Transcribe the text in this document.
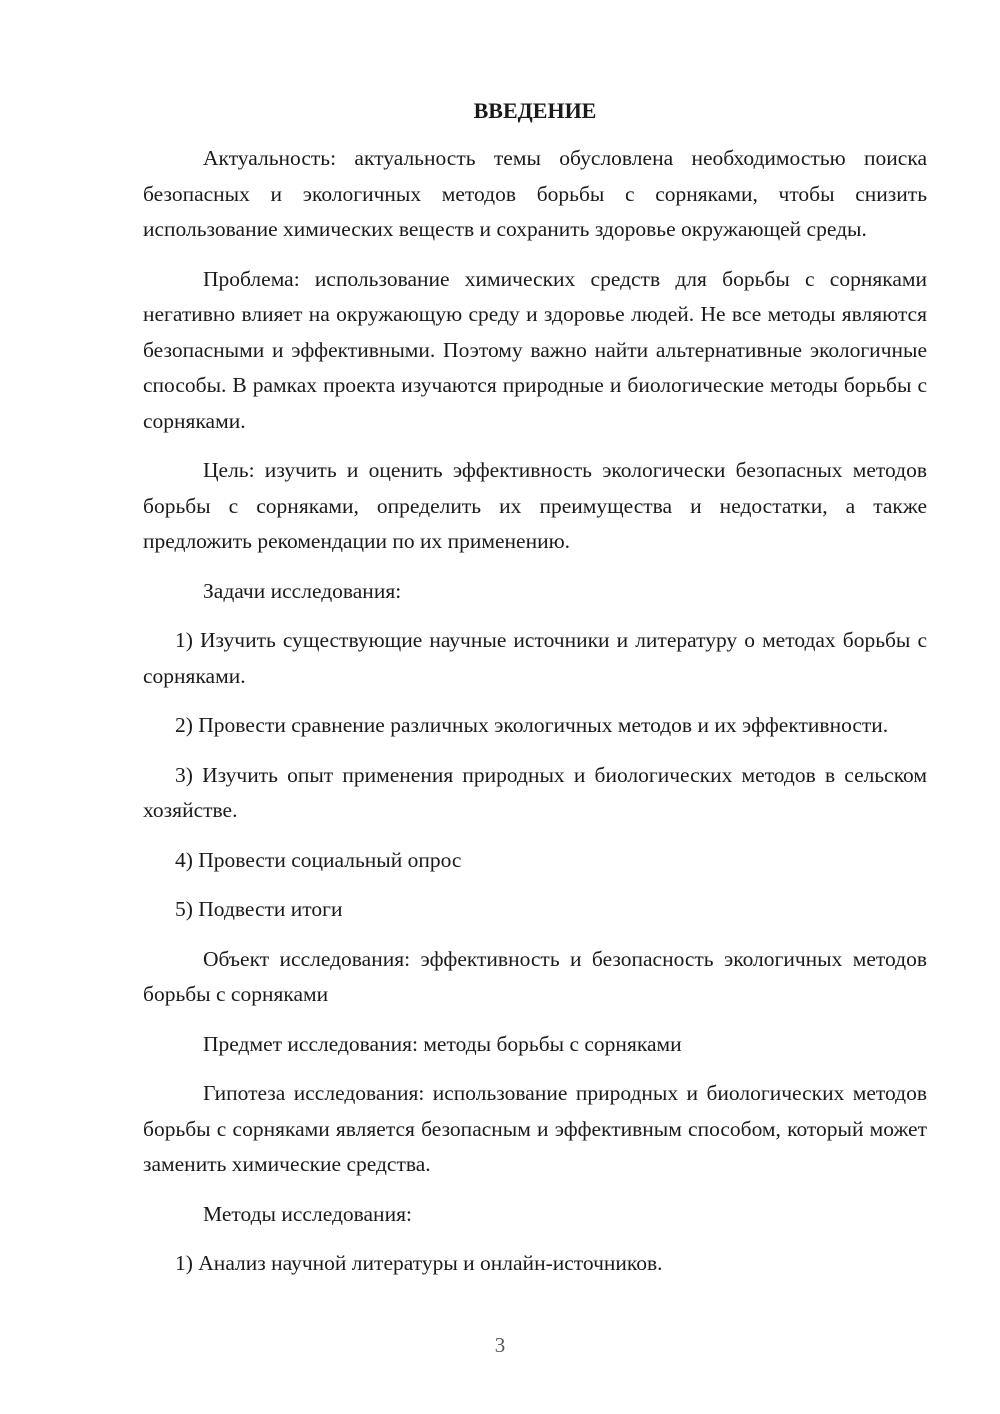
ВВЕДЕНИЕ

Актуальность: актуальность темы обусловлена необходимостью поиска безопасных и экологичных методов борьбы с сорняками, чтобы снизить использование химических веществ и сохранить здоровье окружающей среды.

Проблема: использование химических средств для борьбы с сорняками негативно влияет на окружающую среду и здоровье людей. Не все методы являются безопасными и эффективными. Поэтому важно найти альтернативные экологичные способы. В рамках проекта изучаются природные и биологические методы борьбы с сорняками.

Цель: изучить и оценить эффективность экологически безопасных методов борьбы с сорняками, определить их преимущества и недостатки, а также предложить рекомендации по их применению.

Задачи исследования:

1) Изучить существующие научные источники и литературу о методах борьбы с сорняками.

2) Провести сравнение различных экологичных методов и их эффективности.

3) Изучить опыт применения природных и биологических методов в сельском хозяйстве.

4) Провести социальный опрос

5) Подвести итоги

Объект исследования: эффективность и безопасность экологичных методов борьбы с сорняками

Предмет исследования: методы борьбы с сорняками

Гипотеза исследования: использование природных и биологических методов борьбы с сорняками является безопасным и эффективным способом, который может заменить химические средства.

Методы исследования:

1) Анализ научной литературы и онлайн-источников.

3
